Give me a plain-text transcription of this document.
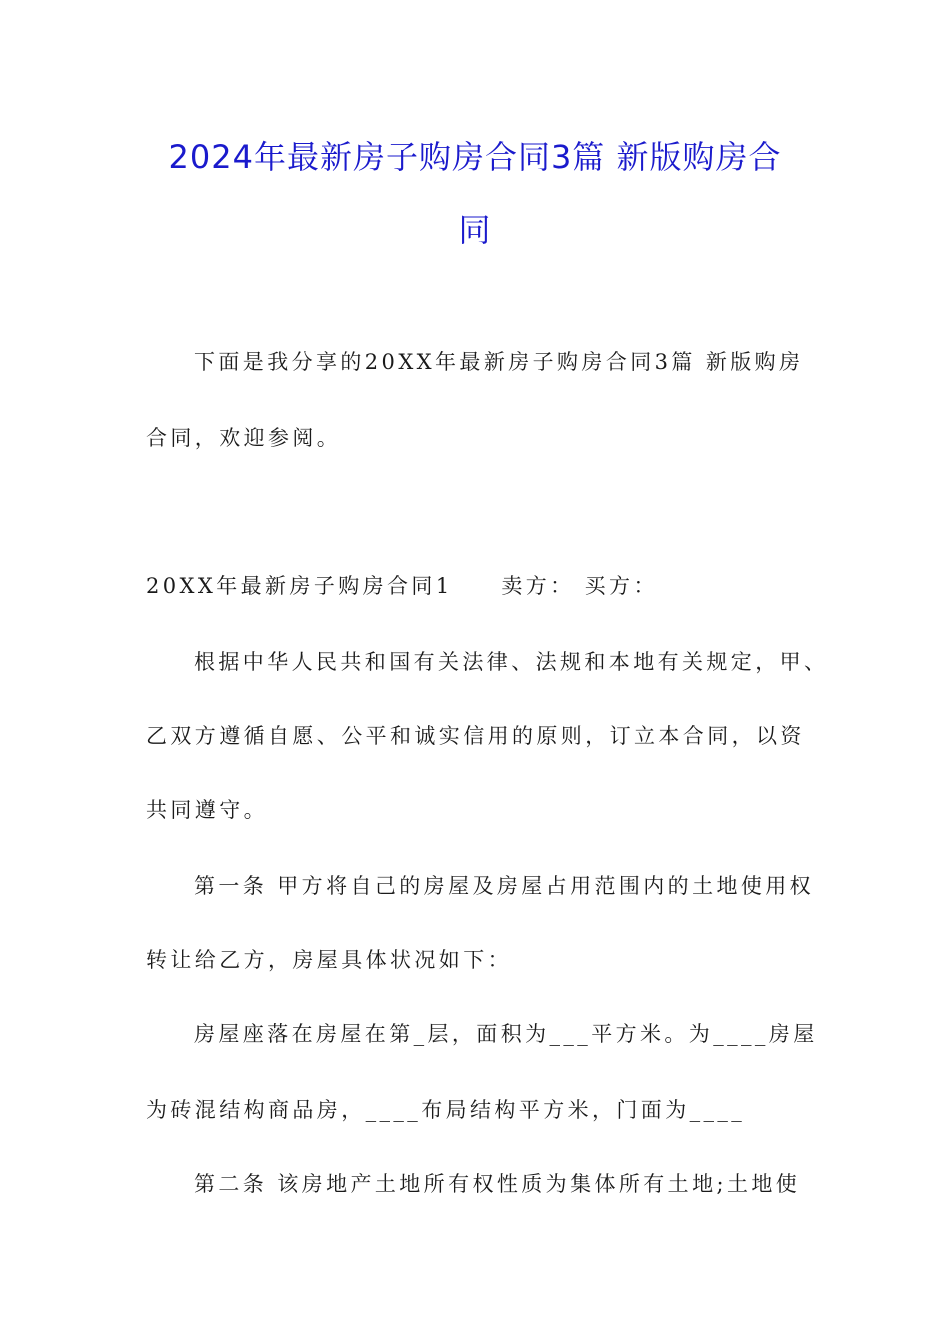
2024年最新房子购房合同3篇 新版购房合
同
下面是我分享的20XX年最新房子购房合同3篇 新版购房
合同，欢迎参阅。
20XX年最新房子购房合同1　　卖方： 买方：
根据中华人民共和国有关法律、法规和本地有关规定，甲、
乙双方遵循自愿、公平和诚实信用的原则，订立本合同，以资
共同遵守。
第一条 甲方将自己的房屋及房屋占用范围内的土地使用权
转让给乙方，房屋具体状况如下：
房屋座落在房屋在第_层，面积为___平方米。为____房屋
为砖混结构商品房，____布局结构平方米，门面为____
第二条 该房地产土地所有权性质为集体所有土地;土地使
